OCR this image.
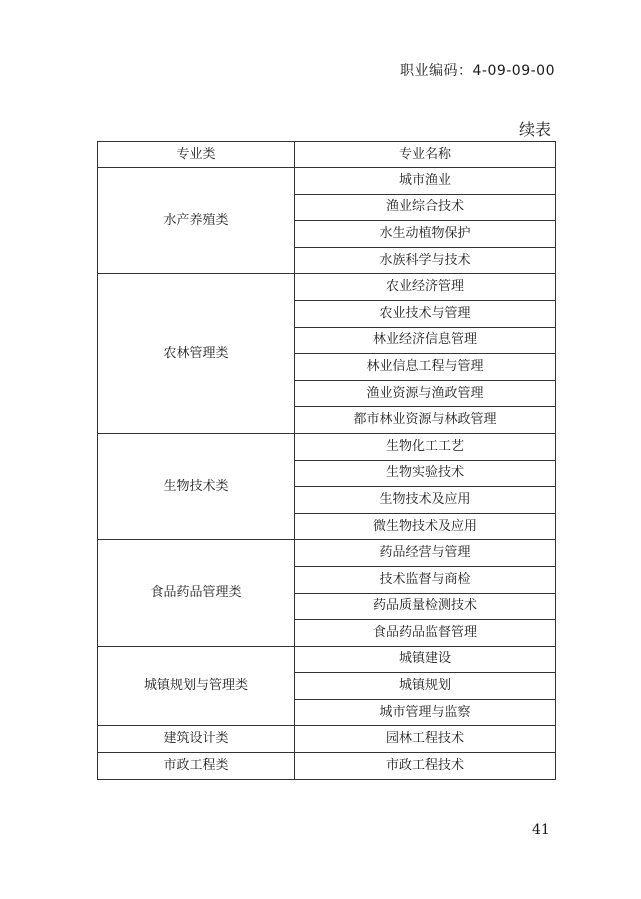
职业编码：4-09-09-00
续表
专业类	专业名称
水产养殖类	城市渔业
	渔业综合技术
	水生动植物保护
	水族科学与技术
农林管理类	农业经济管理
	农业技术与管理
	林业经济信息管理
	林业信息工程与管理
	渔业资源与渔政管理
	都市林业资源与林政管理
生物技术类	生物化工工艺
	生物实验技术
	生物技术及应用
	微生物技术及应用
食品药品管理类	药品经营与管理
	技术监督与商检
	药品质量检测技术
	食品药品监督管理
城镇规划与管理类	城镇建设
	城镇规划
	城市管理与监察
建筑设计类	园林工程技术
市政工程类	市政工程技术
41
